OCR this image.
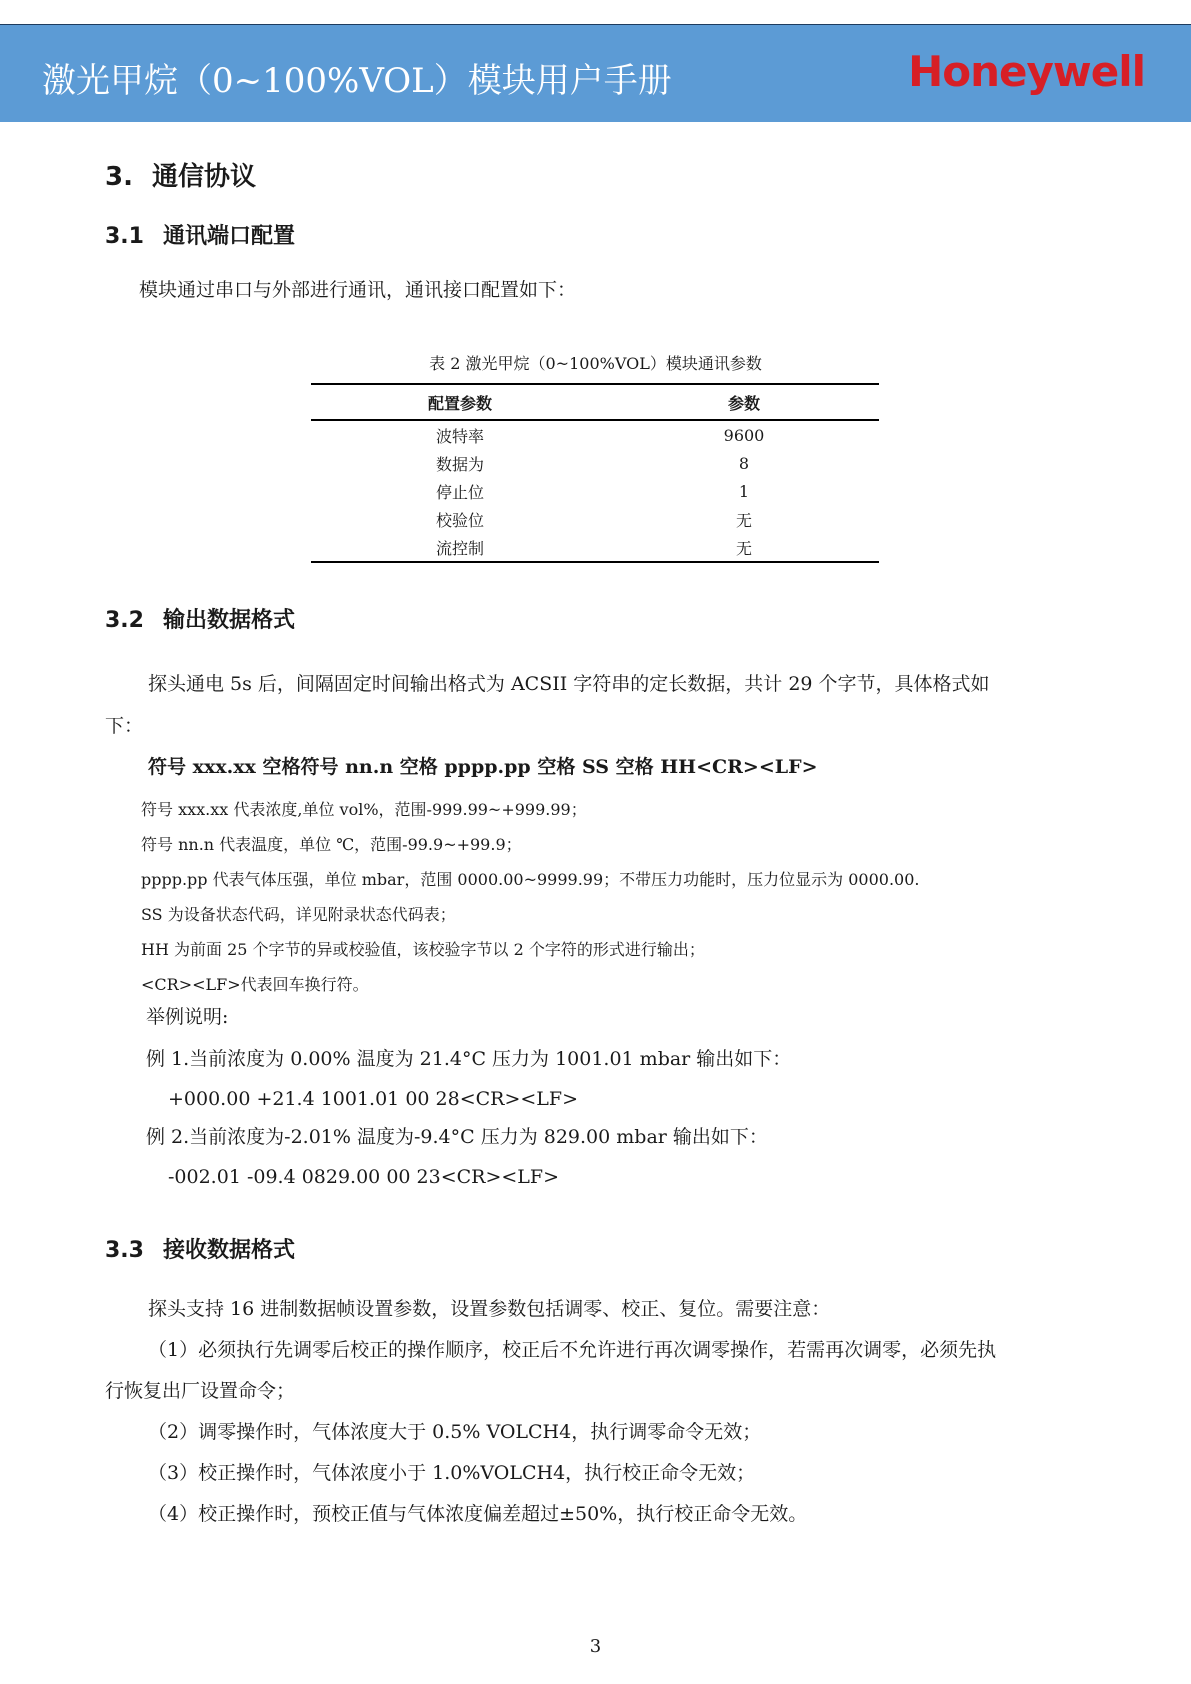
激光甲烷（0~100%VOL）模块用户手册	Honeywell
3. 通信协议
3.1 通讯端口配置
模块通过串口与外部进行通讯，通讯接口配置如下：
表 2 激光甲烷（0~100%VOL）模块通讯参数
配置参数	参数
波特率	9600
数据为	8
停止位	1
校验位	无
流控制	无
3.2 输出数据格式
探头通电 5s 后，间隔固定时间输出格式为 ACSII 字符串的定长数据，共计 29 个字节，具体格式如
下：
符号 xxx.xx 空格符号 nn.n 空格 pppp.pp 空格 SS 空格 HH<CR><LF>
符号 xxx.xx 代表浓度,单位 vol%，范围-999.99~+999.99；
符号 nn.n 代表温度，单位 ℃，范围-99.9~+99.9；
pppp.pp 代表气体压强，单位 mbar，范围 0000.00~9999.99；不带压力功能时，压力位显示为 0000.00.
SS 为设备状态代码，详见附录状态代码表；
HH 为前面 25 个字节的异或校验值，该校验字节以 2 个字符的形式进行输出；
<CR><LF>代表回车换行符。
举例说明:
例 1.当前浓度为 0.00% 温度为 21.4°C 压力为 1001.01 mbar 输出如下：
+000.00 +21.4 1001.01 00 28<CR><LF>
例 2.当前浓度为-2.01% 温度为-9.4°C 压力为 829.00 mbar 输出如下：
-002.01 -09.4 0829.00 00 23<CR><LF>
3.3 接收数据格式
探头支持 16 进制数据帧设置参数，设置参数包括调零、校正、复位。需要注意：
（1）必须执行先调零后校正的操作顺序，校正后不允许进行再次调零操作，若需再次调零，必须先执
行恢复出厂设置命令；
（2）调零操作时，气体浓度大于 0.5% VOLCH4，执行调零命令无效；
（3）校正操作时，气体浓度小于 1.0%VOLCH4，执行校正命令无效；
（4）校正操作时，预校正值与气体浓度偏差超过±50%，执行校正命令无效。
3
